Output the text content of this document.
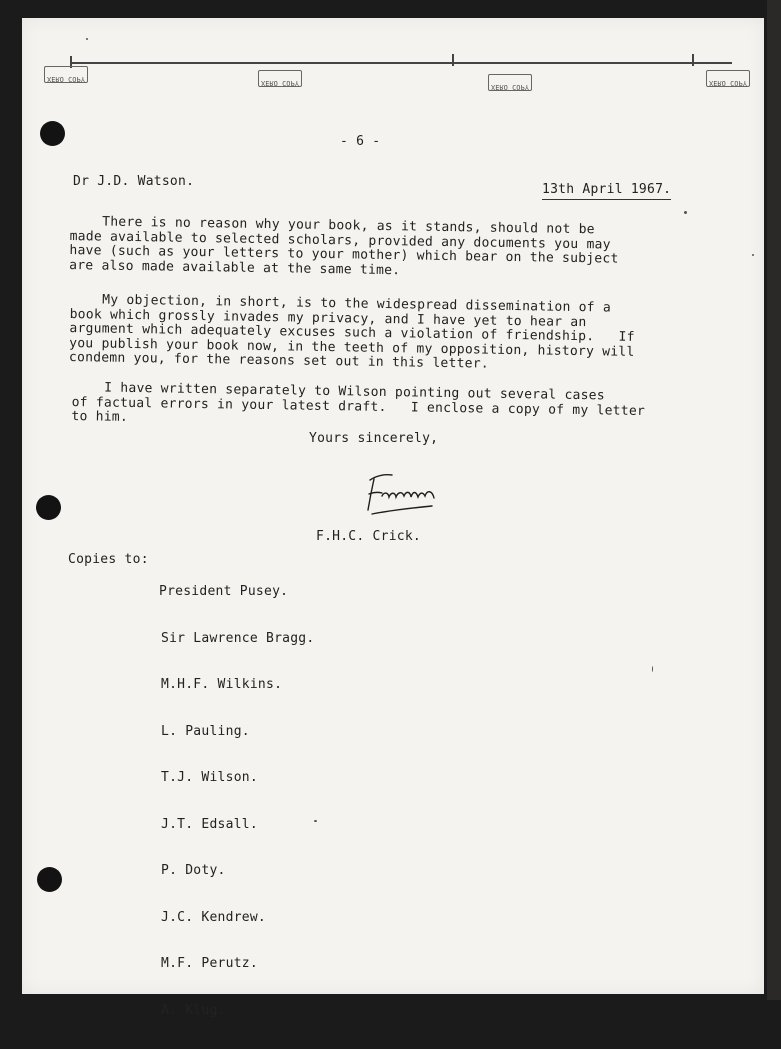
XERO COPY	XERO COPY	XERO COPY	XERO COPY
- 6 -
Dr J.D. Watson.
13th April 1967.
There is no reason why your book, as it stands, should not be
made available to selected scholars, provided any documents you may
have (such as your letters to your mother) which bear on the subject
are also made available at the same time.
My objection, in short, is to the widespread dissemination of a
book which grossly invades my privacy, and I have yet to hear an
argument which adequately excuses such a violation of friendship.   If
you publish your book now, in the teeth of my opposition, history will
condemn you, for the reasons set out in this letter.
I have written separately to Wilson pointing out several cases
of factual errors in your latest draft.   I enclose a copy of my letter
to him.
Yours sincerely,
F.H.C. Crick.
Copies to:

President Pusey.

Sir Lawrence Bragg.

M.H.F. Wilkins.

L. Pauling.

T.J. Wilson.

J.T. Edsall.

P. Doty.

J.C. Kendrew.

M.F. Perutz.

A. Klug.
